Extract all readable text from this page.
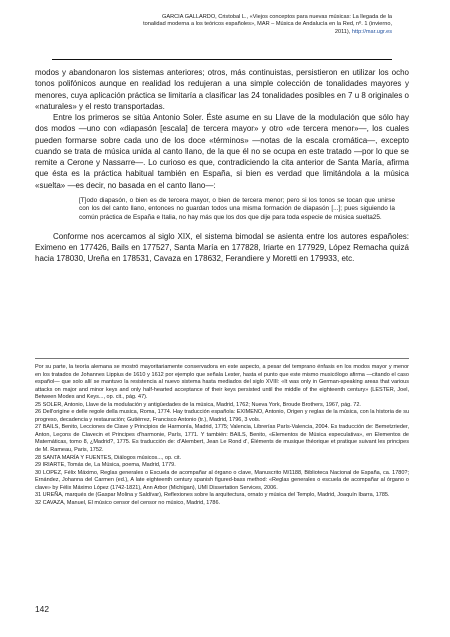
GARCIA GALLARDO, Cristobal L., «Viejos conceptos para nuevas músicas: La llegada de la
tonalidad moderna a los teóricos españoles», MAR – Música de Andalucía en la Red, nº. 1 (invierno,
2011), http://mar.ugr.es

modos y abandonaron los sistemas anteriores; otros, más continuistas, persistieron en utilizar los ocho tonos polifónicos aunque en realidad los redujeran a una simple colección de tonalidades mayores y menores, cuya aplicación práctica se limitaría a clasificar las 24 tonalidades posibles en 7 u 8 originales o «naturales» y el resto transportadas.

Entre los primeros se sitúa Antonio Soler. Éste asume en su Llave de la modulación que sólo hay dos modos —uno con «diapasón [escala] de tercera mayor» y otro «de tercera menor»—, los cuales pueden formarse sobre cada uno de los doce «términos» —notas de la escala cromática—, excepto cuando se trata de música unida al canto llano, de la que él no se ocupa en este tratado —por lo que se remite a Cerone y Nassarre—. Lo curioso es que, contradiciendo la cita anterior de Santa María, afirma que ésta es la práctica habitual también en España, si bien es verdad que limitándola a la música «suelta» —es decir, no basada en el canto llano—:

[T]odo diapasón, o bien es de tercera mayor, o bien de tercera menor; pero si los tonos se tocan que unirse con los del canto llano, entonces no guardan todos una misma formación de diapasón [...]; pues siguiendo la común práctica de España e Italia, no hay más que los dos que dije para toda especie de música suelta25.

Conforme nos acercamos al siglo XIX, el sistema bimodal se asienta entre los autores españoles: Eximeno en 177426, Bails en 177527, Santa María en 177828, Iriarte en 177929, López Remacha quizá hacia 178030, Ureña en 178531, Cavaza en 178632, Ferandiere y Moretti en 179933, etc.

Por su parte, la teoría alemana se mostró mayoritariamente conservadora en este aspecto, a pesar del temprano énfasis en los modos mayor y menor en los tratados de Johannes Lippius de 1610 y 1612 por ejemplo que señala Lester, hasta el punto que este mismo musicólogo afirma —citando el caso español— que solo allí se mantuvo la resistencia al nuevo sistema hasta mediados del siglo XVIII: «It was only in German-speaking areas that various attacks on major and minor keys and only half-hearted acceptance of their keys persisted until the middle of the eighteenth century» (LESTER, Joel, Between Modes and Keys..., op. cit., pág. 47).

25 SOLER, Antonio, Llave de la modulación y antigüedades de la música, Madrid, 1762; Nueva York, Broude Brothers, 1967, pág. 72.

26 Dell'origine e delle regole della musica, Roma, 1774. Hay traducción española: EXIMENO, Antonio, Origen y reglas de la música, con la historia de su progreso, decadencia y restauración; Gutiérrez, Francisco Antonio (tr.), Madrid, 1796, 3 vols.

27 BAILS, Benito, Lecciones de Clave y Principios de Harmonía, Madrid, 1775; Valencia, Librerías París-Valencia, 2004. Es traducción de: Bemetzrieder, Anton, Leçons de Clavecin et Principes d'harmonie, París, 1771. Y también: BAILS, Benito, «Elementos de Música especulativa», en Elementos de Matemáticas, tomo 8, ¿Madrid?, 1775. Es traducción de: d'Alembert, Jean Le Rond d', Éléments de musique théorique et pratique suivant les principes de M. Rameau, Paris, 1752.

28 SANTA MARÍA Y FUENTES, Diálogos músicos..., op. cit.

29 IRIARTE, Tomás de, La Música, poema, Madrid, 1779.

30 LOPEZ, Félix Máximo, Reglas generales o Escuela de acompañar al órgano o clave, Manuscrito M/1188, Biblioteca Nacional de España, ca. 1780?; Ernández, Johanna del Carmen (ed.), A late eighteenth century spanish figured-bass method: «Reglas generales o escuela de acompañar al órgano o clave» by Félix Máximo López (1742-1821), Ann Arbor (Michigan), UMI Dissertation Services, 2006.

31 UREÑA, marqués de (Gaspar Molina y Saldívar), Reflexiones sobre la arquitectura, ornato y música del Templo, Madrid, Joaquín Ibarra, 1785.

32 CAVAZA, Manuel, El músico censor del censor no músico, Madrid, 1786.

142
